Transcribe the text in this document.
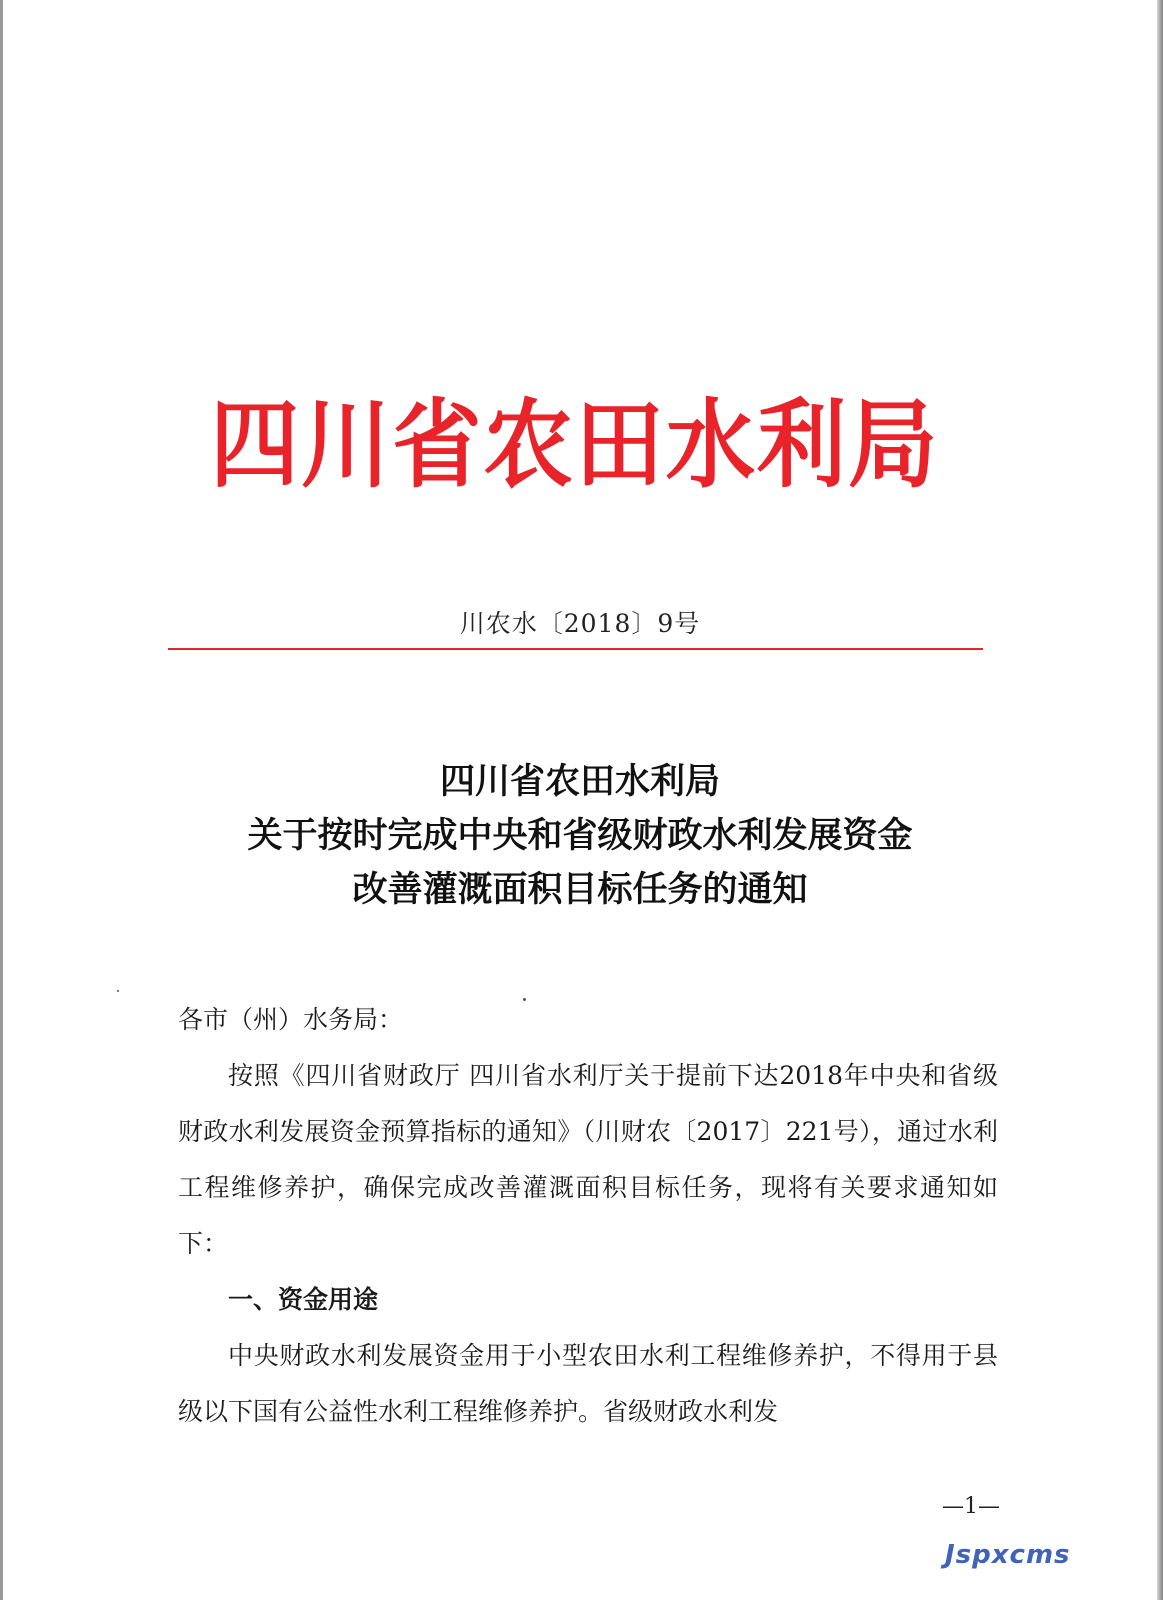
四川省农田水利局
川农水〔2018〕9号
四川省农田水利局
关于按时完成中央和省级财政水利发展资金
改善灌溉面积目标任务的通知

各市（州）水务局：

按照《四川省财政厅 四川省水利厅关于提前下达2018年中央和省级财政水利发展资金预算指标的通知》（川财农〔2017〕221号），通过水利工程维修养护，确保完成改善灌溉面积目标任务，现将有关要求通知如下：

一、资金用途

中央财政水利发展资金用于小型农田水利工程维修养护，不得用于县级以下国有公益性水利工程维修养护。省级财政水利发

—1—
Jspxcms
